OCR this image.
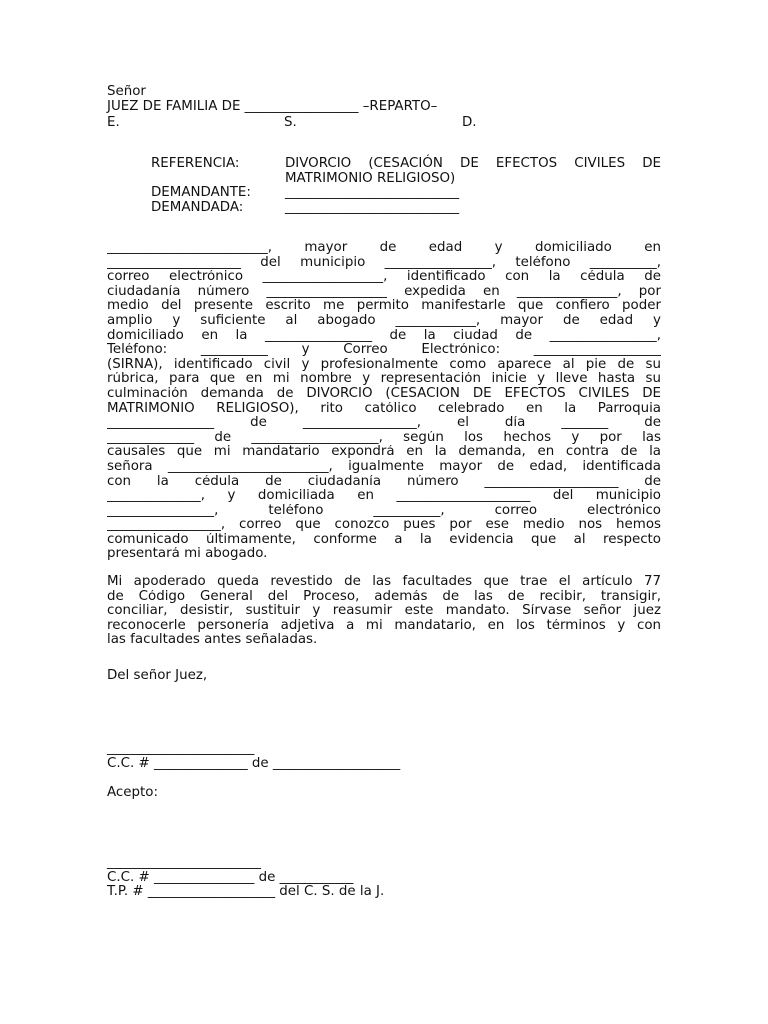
Señor
JUEZ DE FAMILIA DE _________________ –REPARTO–
E.	S.	D.
REFERENCIA:	DIVORCIO (CESACIÓN DE EFECTOS CIVILES DE
MATRIMONIO RELIGIOSO)
DEMANDANTE:	__________________________
DEMANDADA:	__________________________
________________________, mayor de edad y domiciliado en
____________________ del municipio ________________, teléfono __________,
correo electrónico __________________, identificado con la cédula de
ciudadanía número __________________ expedida en _______________, por
medio del presente escrito me permito manifestarle que confiero poder
amplio y suficiente al abogado ____________, mayor de edad y
domiciliado en la ________________ de la ciudad de ________________,
Teléfono: __________ y Correo Electrónico: ___________________
(SIRNA), identificado civil y profesionalmente como aparece al pie de su
rúbrica, para que en mi nombre y representación inicie y lleve hasta su
culminación demanda de DIVORCIO (CESACIÓN DE EFECTOS CIVILES DE
MATRIMONIO RELIGIOSO), rito católico celebrado en la Parroquia
________________ de _________________, el día _______ de
_____________ de ___________________, según los hechos y por las
causales que mi mandatario expondrá en la demanda, en contra de la
señora ________________________, igualmente mayor de edad, identificada
con la cédula de ciudadanía número ____________________ de
______________, y domiciliada en ____________________ del municipio
________________, teléfono __________, correo electrónico
_________________, correo que conozco pues por ese medio nos hemos
comunicado últimamente, conforme a la evidencia que al respecto
presentará mi abogado.
Mi apoderado queda revestido de las facultades que trae el artículo 77
de Código General del Proceso, además de las de recibir, transigir,
conciliar, desistir, sustituir y reasumir este mandato. Sírvase señor juez
reconocerle personería adjetiva a mi mandatario, en los términos y con
las facultades antes señaladas.
Del señor Juez,
______________________
C.C. # ______________ de ___________________
Acepto:
_______________________
C.C. # _______________ de ___________
T.P. # ___________________ del C. S. de la J.
